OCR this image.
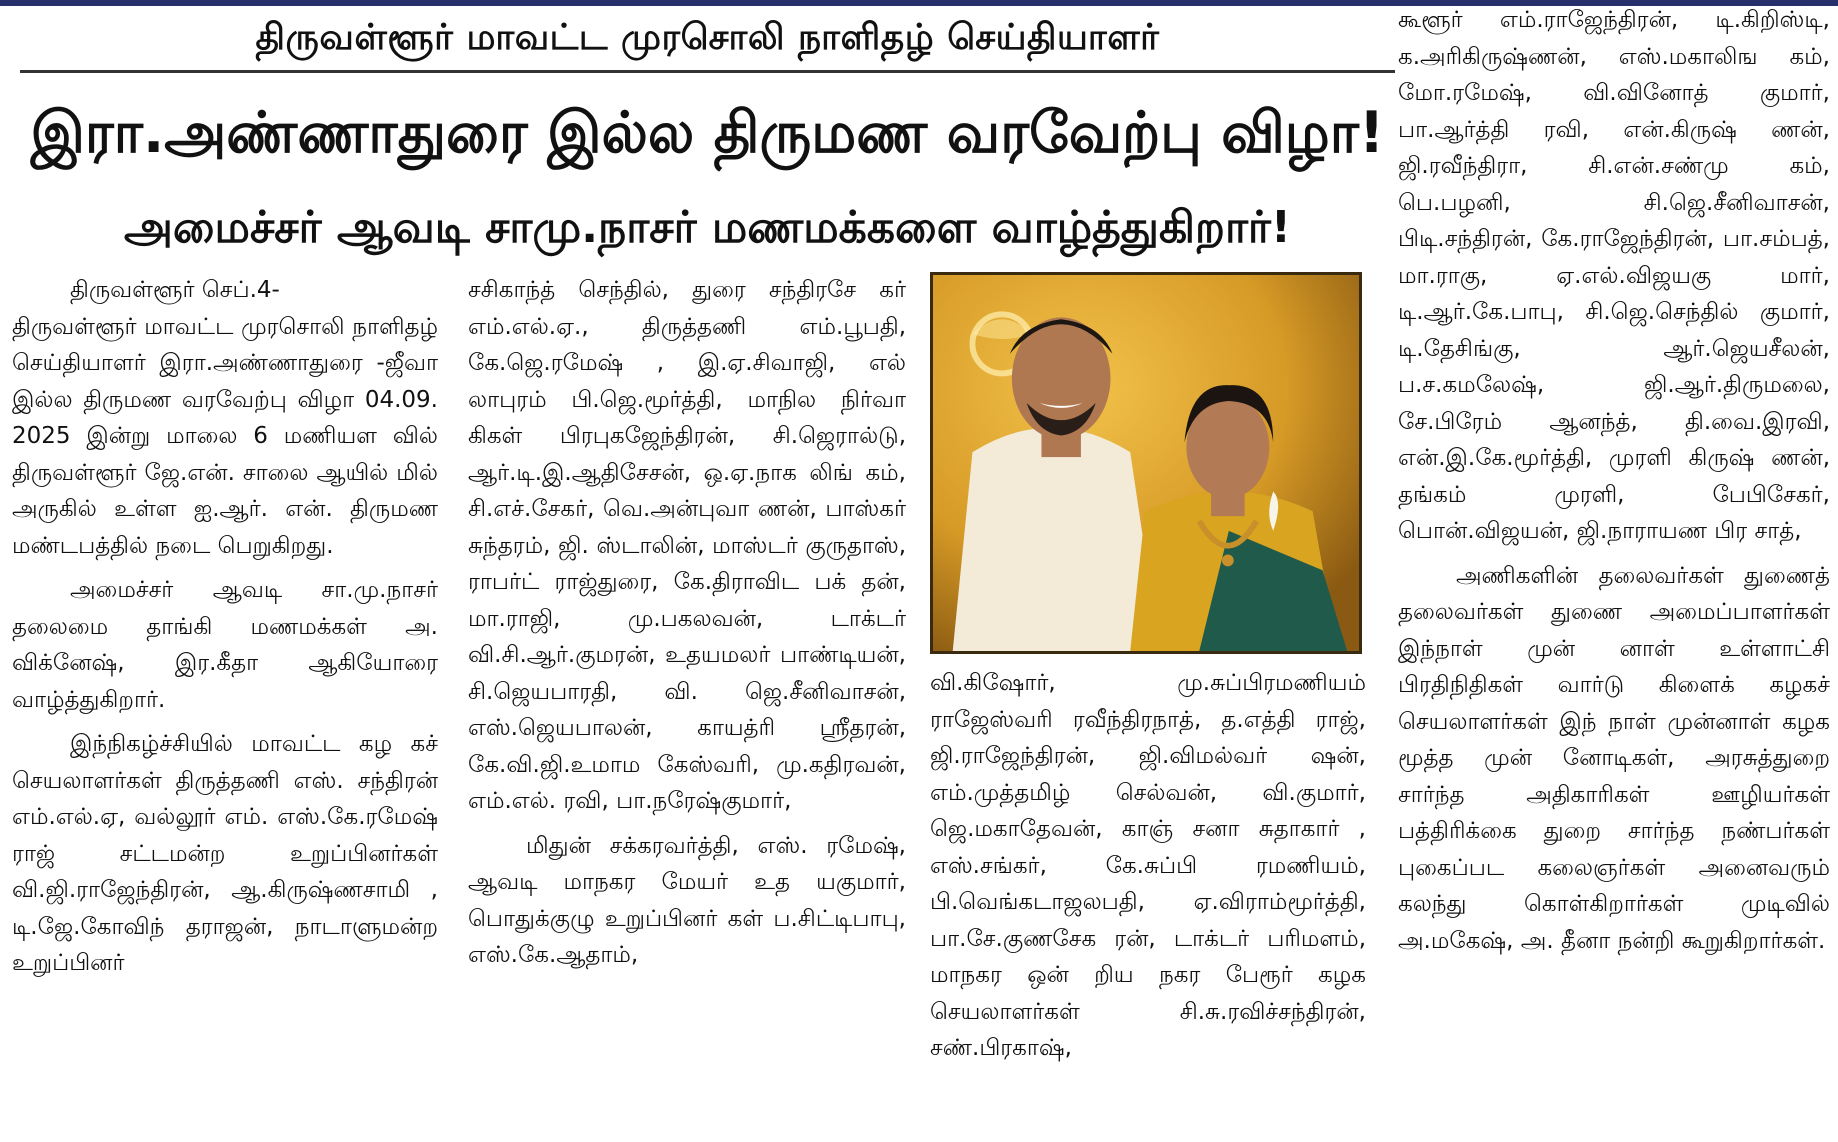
திருவள்ளூர் மாவட்ட முரசொலி நாளிதழ் செய்தியாளர்
இரா.அண்ணாதுரை இல்ல திருமண வரவேற்பு விழா!
அமைச்சர் ஆவடி சாமு.நாசர் மணமக்களை வாழ்த்துகிறார்!

திருவள்ளூர் செப்.4-

திருவள்ளூர் மாவட்ட முரசொலி நாளிதழ் செய்தியாளர் இரா.அண்ணாதுரை -ஜீவா இல்ல திருமண வரவேற்பு விழா 04.09. 2025 இன்று மாலை 6 மணியள வில் திருவள்ளூர் ஜே.என். சாலை ஆயில் மில் அருகில் உள்ள ஐ.ஆர். என். திருமண மண்டபத்தில் நடை பெறுகிறது.

அமைச்சர் ஆவடி சா.மு.நாசர் தலைமை தாங்கி மணமக்கள் அ. விக்னேஷ், இர.கீதா ஆகியோரை வாழ்த்துகிறார்.

இந்நிகழ்ச்சியில் மாவட்ட கழ கச் செயலாளர்கள் திருத்தணி எஸ். சந்திரன் எம்.எல்.ஏ, வல்லூர் எம். எஸ்.கே.ரமேஷ் ராஜ் சட்டமன்ற உறுப்பினர்கள் வி.ஜி.ராஜேந்திரன், ஆ.கிருஷ்ணசாமி , டி.ஜே.கோவிந் தராஜன், நாடாளுமன்ற உறுப்பினர்

சசிகாந்த் செந்தில், துரை சந்திரசே கர் எம்.எல்.ஏ., திருத்தணி எம்.பூபதி, கே.ஜெ.ரமேஷ் , இ.ஏ.சிவாஜி, எல் லாபுரம் பி.ஜெ.மூர்த்தி, மாநில நிர்வா கிகள் பிரபுகஜேந்திரன், சி.ஜெரால்டு, ஆர்.டி.இ.ஆதிசேசன், ஒ.ஏ.நாக லிங் கம், சி.எச்.சேகர், வெ.அன்புவா ணன், பாஸ்கர் சுந்தரம், ஜி. ஸ்டாலின், மாஸ்டர் குருதாஸ், ராபர்ட் ராஜ்துரை, கே.திராவிட பக் தன், மா.ராஜி, மு.பகலவன், டாக்டர் வி.சி.ஆர்.குமரன், உதயமலர் பாண்டியன், சி.ஜெயபாரதி, வி. ஜெ.சீனிவாசன், எஸ்.ஜெயபாலன், காயத்ரி ஸ்ரீதரன், கே.வி.ஜி.உமாம கேஸ்வரி, மு.கதிரவன், எம்.எல். ரவி, பா.நரேஷ்குமார்,

மிதுன் சக்கரவர்த்தி, எஸ். ரமேஷ், ஆவடி மாநகர மேயர் உத யகுமார், பொதுக்குழு உறுப்பினர் கள் ப.சிட்டிபாபு, எஸ்.கே.ஆதாம்,

வி.கிஷோர், மு.சுப்பிரமணியம் ராஜேஸ்வரி ரவீந்திரநாத், த.எத்தி ராஜ், ஜி.ராஜேந்திரன், ஜி.விமல்வர் ஷன், எம்.முத்தமிழ் செல்வன், வி.குமார், ஜெ.மகாதேவன், காஞ் சனா சுதாகார் , எஸ்.சங்கர், கே.சுப்பி ரமணியம், பி.வெங்கடாஜலபதி, ஏ.விராம்மூர்த்தி, பா.சே.குணசேக ரன், டாக்டர் பரிமளம், மாநகர ஒன் றிய நகர பேரூர் கழக செயலாளர்கள் சி.சு.ரவிச்சந்திரன், சண்.பிரகாஷ்,

கூளூர் எம்.ராஜேந்திரன், டி.கிறிஸ்டி, க.அரிகிருஷ்ணன், எஸ்.மகாலிங கம், மோ.ரமேஷ், வி.வினோத் குமார், பா.ஆர்த்தி ரவி, என்.கிருஷ் ணன், ஜி.ரவீந்திரா, சி.என்.சண்மு கம், பெ.பழனி, சி.ஜெ.சீனிவாசன், பிடி.சந்திரன், கே.ராஜேந்திரன், பா.சம்பத், மா.ராகு, ஏ.எல்.விஜயகு மார், டி.ஆர்.கே.பாபு, சி.ஜெ.செந்தில் குமார், டி.தேசிங்கு, ஆர்.ஜெயசீலன், ப.ச.கமலேஷ், ஜி.ஆர்.திருமலை, சே.பிரேம் ஆனந்த், தி.வை.இரவி, என்.இ.கே.மூர்த்தி, முரளி கிருஷ் ணன், தங்கம் முரளி, பேபிசேகர், பொன்.விஜயன், ஜி.நாராயண பிர சாத்,

அணிகளின் தலைவர்கள் துணைத் தலைவர்கள் துணை அமைப்பாளர்கள் இந்நாள் முன் னாள் உள்ளாட்சி பிரதிநிதிகள் வார்டு கிளைக் கழகச் செயலாளர்கள் இந் நாள் முன்னாள் கழக மூத்த முன் னோடிகள், அரசுத்துறை சார்ந்த அதிகாரிகள் ஊழியர்கள் பத்திரிக்கை துறை சார்ந்த நண்பர்கள் புகைப்பட கலைஞர்கள் அனைவரும் கலந்து கொள்கிறார்கள் முடிவில் அ.மகேஷ், அ. தீனா நன்றி கூறுகிறார்கள்.
